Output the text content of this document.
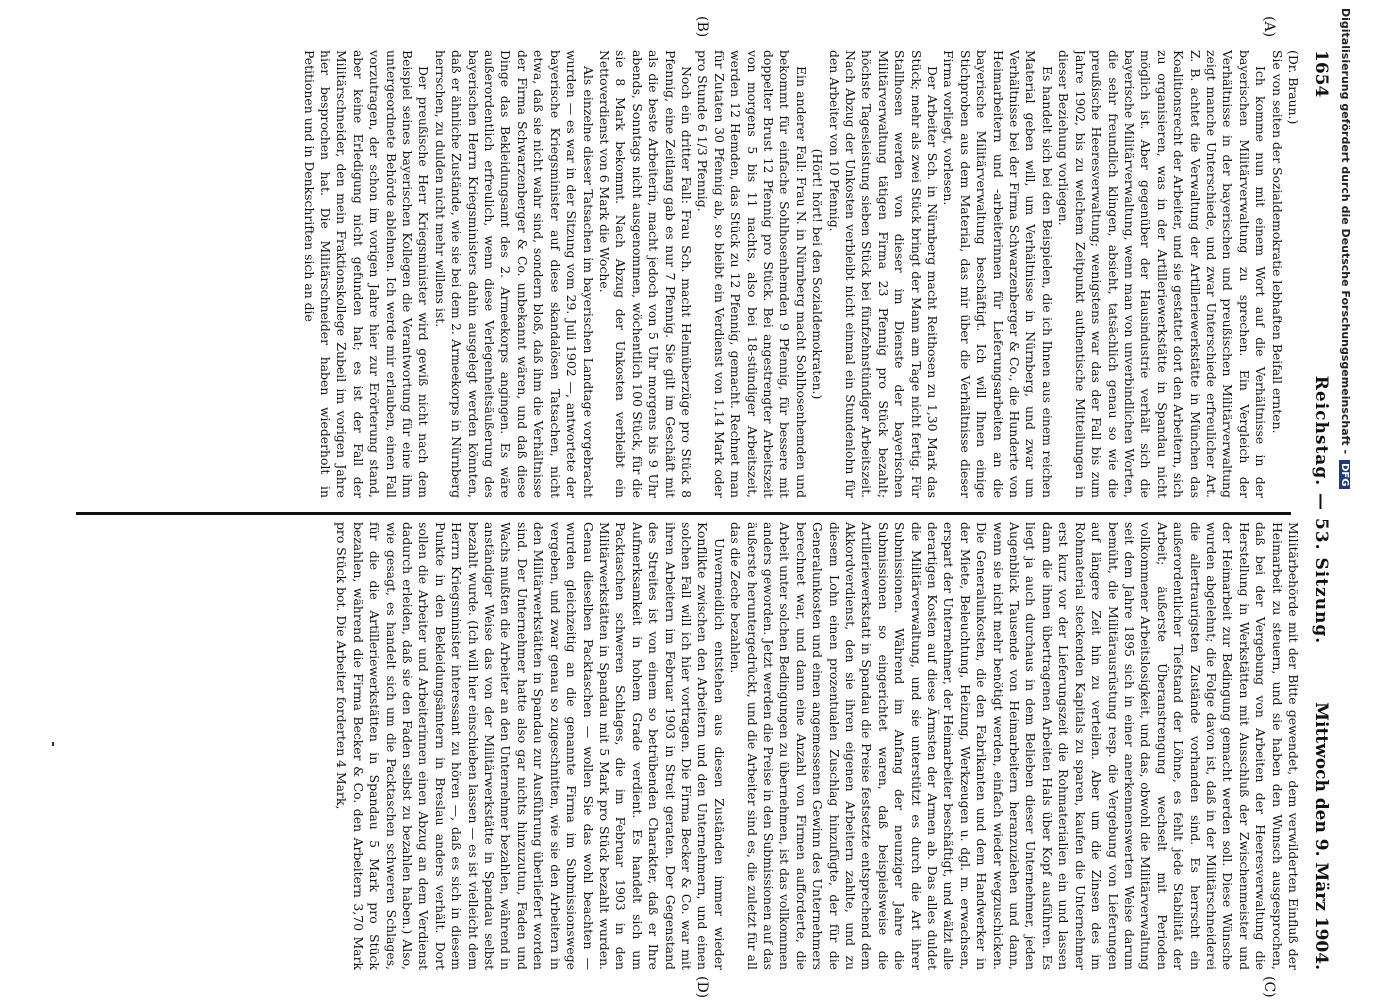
Digitalisierung gefördert durch die Deutsche Forschungsgemeinschaft -DFG
1654
Reichstag. — 53. Sitzung.
Mittwoch den 9. März 1904.
(A)
(B)
(C)
(D)

(Dr. Braun.)

Sie von seiten der Sozialdemokratie lebhaften Beifall ernten.

Ich komme nun mit einem Wort auf die Verhältnisse in der bayerischen Militärverwaltung zu sprechen. Ein Vergleich der Verhältnisse in der bayerischen und preußischen Militärverwaltung zeigt manche Unterschiede, und zwar Unterschiede erfreulicher Art. Z. B. achtet die Verwaltung der Artilleriewerkstätte in München das Koalitionsrecht der Arbeiter, und sie gestattet dort den Arbeitern, sich zu organisieren, was in der Artilleriewerkstätte in Spandau nicht möglich ist. Aber gegenüber der Hausindustrie verhält sich die bayerische Militärverwaltung, wenn man von unverbindlichen Worten, die sehr freundlich klingen, absieht, tatsächlich genau so wie die preußische Heeresverwaltung; wenigstens war das der Fall bis zum Jahre 1902, bis zu welchem Zeitpunkt authentische Mitteilungen in dieser Beziehung vorliegen.

Es handelt sich bei den Beispielen, die ich Ihnen aus einem reichen Material geben will, um Verhältnisse in Nürnberg, und zwar um Verhältnisse bei der Firma Schwarzenberger & Co., die Hunderte von Heimarbeitern und -arbeiterinnen für Lieferungsarbeiten an die bayerische Militärverwaltung beschäftigt. Ich will Ihnen einige Stichproben aus dem Material, das mir über die Verhältnisse dieser Firma vorliegt, vorlesen.

Der Arbeiter Sch. in Nürnberg macht Reithosen zu 1,30 Mark das Stück; mehr als zwei Stück bringt der Mann am Tage nicht fertig. Für Stallhosen werden von dieser im Dienste der bayerischen Militärverwaltung tätigen Firma 23 Pfennig pro Stück bezahlt; höchste Tagesleistung sieben Stück bei fünfzehnstündiger Arbeitszeit. Nach Abzug der Unkosten verbleibt nicht einmal ein Stundenlohn für den Arbeiter von 10 Pfennig.

(Hört! hört! bei den Sozialdemokraten.)

Ein anderer Fall: Frau N. in Nürnberg macht Sohlhosenhemden und bekommt für einfache Sohlhosenhemden 9 Pfennig, für bessere mit doppelter Brust 12 Pfennig pro Stück. Bei angestrengter Arbeitszeit von morgens 5 bis 11 nachts, also bei 18-stündiger Arbeitszeit, werden 12 Hemden, das Stück zu 12 Pfennig, gemacht. Rechnet man für Zutaten 30 Pfennig ab, so bleibt ein Verdienst von 1,14 Mark oder pro Stunde 6 1/3 Pfennig.

Noch ein dritter Fall: Frau Sch. macht Helmüberzüge pro Stück 8 Pfennig, eine Zeitlang gab es nur 7 Pfennig. Sie gilt im Geschäft mit als die beste Arbeiterin, macht jedoch von 5 Uhr morgens bis 9 Uhr abends, Sonntags nicht ausgenommen, wöchentlich 100 Stück, für die sie 8 Mark bekommt. Nach Abzug der Unkosten verbleibt ein Nettoverdienst von 6 Mark die Woche.

Als einzelne dieser Tatsachen im bayerischen Landtage vorgebracht wurden — es war in der Sitzung vom 29. Juli 1902 —, antwortete der bayerische Kriegsminister auf diese skandalösen Tatsachen, nicht etwa, daß sie nicht wahr sind, sondern bloß, daß ihm die Verhältnisse der Firma Schwarzenberger & Co. unbekannt wären, und daß diese Dinge das Bekleidungsamt des 2. Armeekorps angingen. Es wäre außerordentlich erfreulich, wenn diese Verlegenheitsäußerung des bayerischen Herrn Kriegsministers dahin ausgelegt werden könnten, daß er ähnliche Zustände, wie sie bei dem 2. Armeekorps in Nürnberg herrschen, zu dulden nicht mehr willens ist.

Der preußische Herr Kriegsminister wird gewiß nicht nach dem Beispiel seines bayerischen Kollegen die Verantwortung für eine ihm untergeordnete Behörde ablehnen. Ich werde mir erlauben, einen Fall vorzutragen, der schon im vorigen Jahre hier zur Erörterung stand, aber keine Erledigung nicht gefunden hat; es ist der Fall der Militärschneider, den mein Fraktionskollege Zubeil im vorigen Jahre hier besprochen hat. Die Militärschneider haben wiederholt in Petitionen und in Denkschriften sich an die

Militärbehörde mit der Bitte gewendet, dem verwilderten Einfluß der Heimarbeit zu steuern, und sie haben den Wunsch ausgesprochen, daß bei der Vergebung von Arbeiten der Heeresverwaltung die Herstellung in Werkstätten mit Ausschluß der Zwischenmeister und der Heimarbeit zur Bedingung gemacht werden soll. Diese Wünsche wurden abgelehnt; die Folge davon ist, daß in der Militärschneiderei die allertraurigsten Zustände vorhanden sind. Es herrscht ein außerordentlicher Tiefstand der Löhne, es fehlt jede Stabilität der Arbeit; äußerste Überanstrengung wechselt mit Perioden vollkommener Arbeitslosigkeit, und das, obwohl die Militärverwaltung seit dem Jahre 1895 sich in einer anerkennenswerten Weise darum bemüht, die Militärausrüstung resp. die Vergebung von Lieferungen auf längere Zeit hin zu verteilen. Aber um die Zinsen des im Rohmaterial steckenden Kapitals zu sparen, kaufen die Unternehmer erst kurz vor der Lieferungszeit die Rohmaterialien ein und lassen dann die ihnen übertragenen Arbeiten Hals über Kopf ausführen. Es liegt ja auch durchaus in dem Belieben dieser Unternehmer, jeden Augenblick Tausende von Heimarbeitern heranzuziehen und dann, wenn sie nicht mehr benötigt werden, einfach wieder wegzuschicken. Die Generalunkosten, die den Fabrikanten und dem Handwerker in der Miete, Beleuchtung, Heizung, Werkzeugen u. dgl. m. erwachsen, erspart der Unternehmer, der Heimarbeiter beschäftigt, und wälzt alle derartigen Kosten auf diese Ärmsten der Armen ab. Das alles duldet die Militärverwaltung, und sie unterstützt es durch die Art ihrer Submissionen. Während im Anfang der neunziger Jahre die Submissionen so eingerichtet waren, daß beispielsweise die Artilleriewerkstatt in Spandau die Preise festsetzte entsprechend dem Akkordverdienst, den sie ihren eigenen Arbeitern zahlte, und zu diesem Lohn einen prozentualen Zuschlag hinzufügte, der für die Generalunkosten und einen angemessenen Gewinn des Unternehmers berechnet war, und dann eine Anzahl von Firmen aufforderte, die Arbeit unter solchen Bedingungen zu übernehmen, ist das vollkommen anders geworden. Jetzt werden die Preise in den Submissionen auf das äußerste heruntergedrückt, und die Arbeiter sind es, die zuletzt für all das die Zeche bezahlen.

Unvermeidlich entstehen aus diesen Zuständen immer wieder Konflikte zwischen den Arbeitern und den Unternehmern, und einen solchen Fall will ich hier vortragen. Die Firma Becker & Co. war mit ihren Arbeitern im Februar 1903 in Streit geraten. Der Gegenstand des Streites ist von einem so betrübenden Charakter, daß er Ihre Aufmerksamkeit in hohem Grade verdient. Es handelt sich um Packtaschen schweren Schlages, die im Februar 1903 in den Militärwerkstätten in Spandau mit 5 Mark pro Stück bezahlt wurden. Genau dieselben Packtaschen — wollen Sie das wohl beachten — wurden gleichzeitig an die genannte Firma im Submissionswege vergeben, und zwar genau so zugeschnitten, wie sie den Arbeitern in den Militärwerkstätten in Spandau zur Ausführung überliefert worden sind. Der Unternehmer hatte also gar nichts hinzuzutun, Faden und Wachs mußten die Arbeiter an den Unternehmer bezahlen, während in anständiger Weise das von der Militärwerkstätte in Spandau selbst bezahlt wurde. (Ich will hier einschieben lassen — es ist vielleicht dem Herrn Kriegsminister interessant zu hören —, daß es sich in diesem Punkte in den Bekleidungsämtern in Breslau anders verhält. Dort sollen die Arbeiter und Arbeiterinnen einen Abzug an dem Verdienst dadurch erleiden, daß sie den Faden selbst zu bezahlen haben.) Also, wie gesagt, es handelt sich um die Packtaschen schweren Schlages, für die die Artilleriewerkstätten in Spandau 5 Mark pro Stück bezahlen, während die Firma Becker & Co. den Arbeitern 3,70 Mark pro Stück bot. Die Arbeiter forderten 4 Mark,
